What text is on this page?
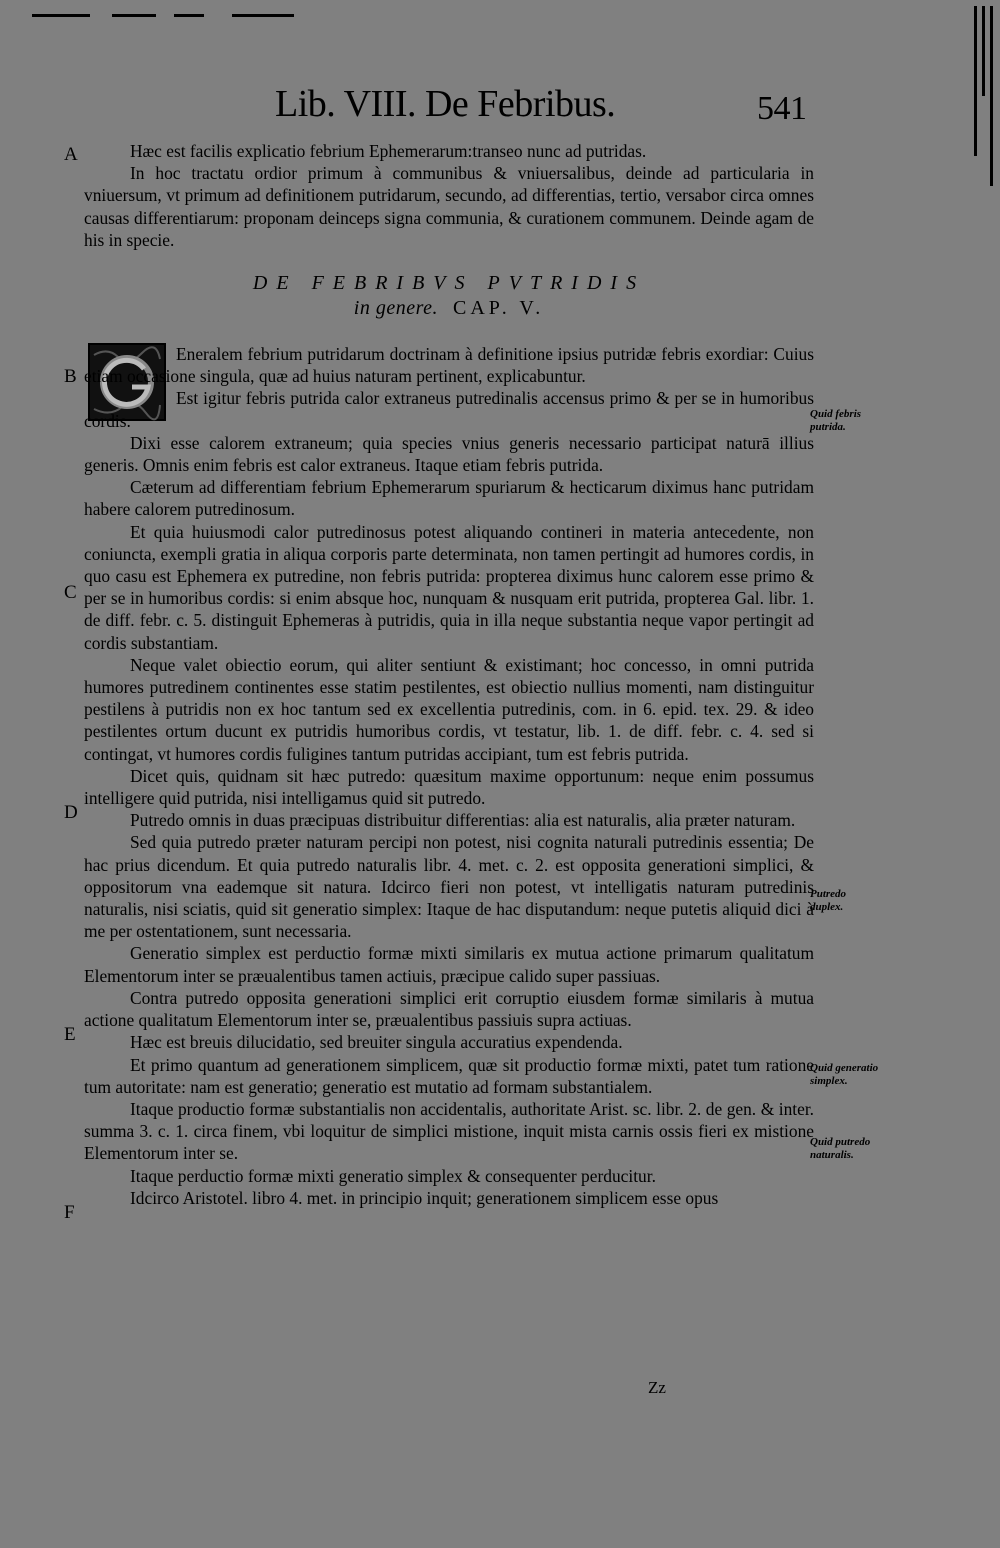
Lib. VIII. De Febribus.	541
A
B
C
D
E
F
Quid febris putrida.
Putredo duplex.
Quid generatio simplex.
Quid putredo naturalis.

Hæc est facilis explicatio febrium Ephemerarum:transeo nunc ad putridas.

In hoc tractatu ordior primum à communibus & vniuersalibus, deinde ad particularia in vniuersum, vt primum ad definitionem putridarum, secundo, ad differentias, tertio, versabor circa omnes causas differentiarum: proponam deinceps signa communia, & curationem communem. Deinde agam de his in specie.

DE FEBRIBVS PVTRIDIS
in genere. CAP. V.

Eneralem febrium putridarum doctrinam à definitione ipsius putridæ febris exordiar: Cuius etiam occasione singula, quæ ad huius naturam pertinent, explicabuntur.

Est igitur febris putrida calor extraneus putredinalis accensus primo & per se in humoribus cordis.

Dixi esse calorem extraneum; quia species vnius generis necessario participat naturā illius generis. Omnis enim febris est calor extraneus. Itaque etiam febris putrida.

Cæterum ad differentiam febrium Ephemerarum spuriarum & hecticarum diximus hanc putridam habere calorem putredinosum.

Et quia huiusmodi calor putredinosus potest aliquando contineri in materia antecedente, non coniuncta, exempli gratia in aliqua corporis parte determinata, non tamen pertingit ad humores cordis, in quo casu est Ephemera ex putredine, non febris putrida: propterea diximus hunc calorem esse primo & per se in humoribus cordis: si enim absque hoc, nunquam & nusquam erit putrida, propterea Gal. libr. 1. de diff. febr. c. 5. distinguit Ephemeras à putridis, quia in illa neque substantia neque vapor pertingit ad cordis substantiam.

Neque valet obiectio eorum, qui aliter sentiunt & existimant; hoc concesso, in omni putrida humores putredinem continentes esse statim pestilentes, est obiectio nullius momenti, nam distinguitur pestilens à putridis non ex hoc tantum sed ex excellentia putredinis, com. in 6. epid. tex. 29. & ideo pestilentes ortum ducunt ex putridis humoribus cordis, vt testatur, lib. 1. de diff. febr. c. 4. sed si contingat, vt humores cordis fuligines tantum putridas accipiant, tum est febris putrida.

Dicet quis, quidnam sit hæc putredo: quæsitum maxime opportunum: neque enim possumus intelligere quid putrida, nisi intelligamus quid sit putredo.

Putredo omnis in duas præcipuas distribuitur differentias: alia est naturalis, alia præter naturam.

Sed quia putredo præter naturam percipi non potest, nisi cognita naturali putredinis essentia; De hac prius dicendum. Et quia putredo naturalis libr. 4. met. c. 2. est opposita generationi simplici, & oppositorum vna eademque sit natura. Idcirco fieri non potest, vt intelligatis naturam putredinis naturalis, nisi sciatis, quid sit generatio simplex: Itaque de hac disputandum: neque putetis aliquid dici à me per ostentationem, sunt necessaria.

Generatio simplex est perductio formæ mixti similaris ex mutua actione primarum qualitatum Elementorum inter se præualentibus tamen actiuis, præcipue calido super passiuas.

Contra putredo opposita generationi simplici erit corruptio eiusdem formæ similaris à mutua actione qualitatum Elementorum inter se, præualentibus passiuis supra actiuas.

Hæc est breuis dilucidatio, sed breuiter singula accuratius expendenda.

Et primo quantum ad generationem simplicem, quæ sit productio formæ mixti, patet tum ratione tum autoritate: nam est generatio; generatio est mutatio ad formam substantialem.

Itaque productio formæ substantialis non accidentalis, authoritate Arist. sc. libr. 2. de gen. & inter. summa 3. c. 1. circa finem, vbi loquitur de simplici mistione, inquit mista carnis ossis fieri ex mistione Elementorum inter se.

Itaque perductio formæ mixti generatio simplex & consequenter perducitur.

Idcirco Aristotel. libro 4. met. in principio inquit; generationem simplicem esse opus

Zz
